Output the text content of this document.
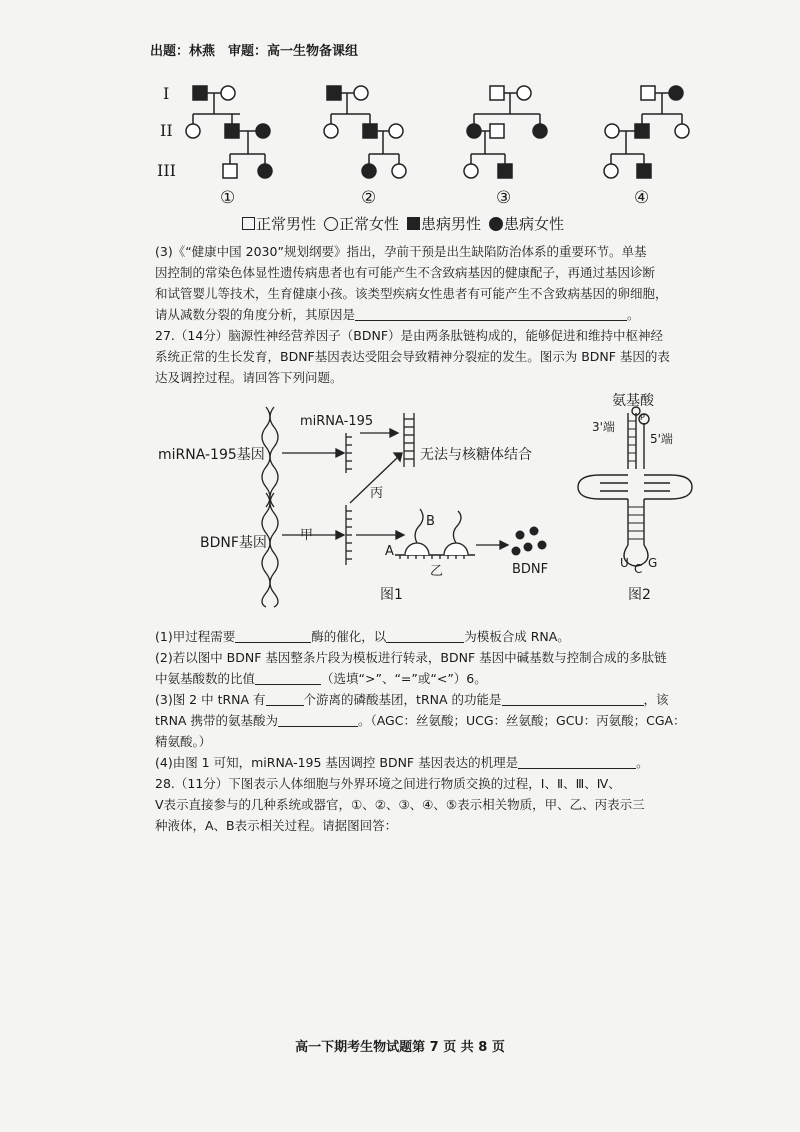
出题：林燕　审题：高一生物备课组
I
II
III
①	②	③	④
正常男性 正常女性 患病男性 患病女性
(3)《“健康中国 2030”规划纲要》指出，孕前干预是出生缺陷防治体系的重要环节。单基
因控制的常染色体显性遗传病患者也有可能产生不含致病基因的健康配子，再通过基因诊断
和试管婴儿等技术，生育健康小孩。该类型疾病女性患者有可能产生不含致病基因的卵细胞，
请从减数分裂的角度分析，其原因是	。
27.（14分）脑源性神经营养因子（BDNF）是由两条肽链构成的，能够促进和维持中枢神经
系统正常的生长发育，BDNF基因表达受阻会导致精神分裂症的发生。图示为 BDNF 基因的表
达及调控过程。请回答下列问题。
miRNA-195
miRNA-195基因	无法与核糖体结合
丙
甲
BDNF基因
B
A
乙	BDNF
图1
氨基酸
3'端
P
5'端
U C G
图2
(1)甲过程需要	酶的催化，以	为模板合成 RNA。
(2)若以图中 BDNF 基因整条片段为模板进行转录，BDNF 基因中碱基数与控制合成的多肽链
中氨基酸数的比值	（选填“>”、“=”或“<”）6。
(3)图 2 中 tRNA 有	个游离的磷酸基团，tRNA 的功能是	，该
tRNA 携带的氨基酸为	。（AGC：丝氨酸；UCG：丝氨酸；GCU：丙氨酸；CGA：
精氨酸。）
(4)由图 1 可知，miRNA-195 基因调控 BDNF 基因表达的机理是	。
28.（11分）下图表示人体细胞与外界环境之间进行物质交换的过程，Ⅰ、Ⅱ、Ⅲ、Ⅳ、
Ⅴ表示直接参与的几种系统或器官，①、②、③、④、⑤表示相关物质，甲、乙、丙表示三
种液体，A、B表示相关过程。请据图回答：
高一下期考生物试题第 7 页 共 8 页
